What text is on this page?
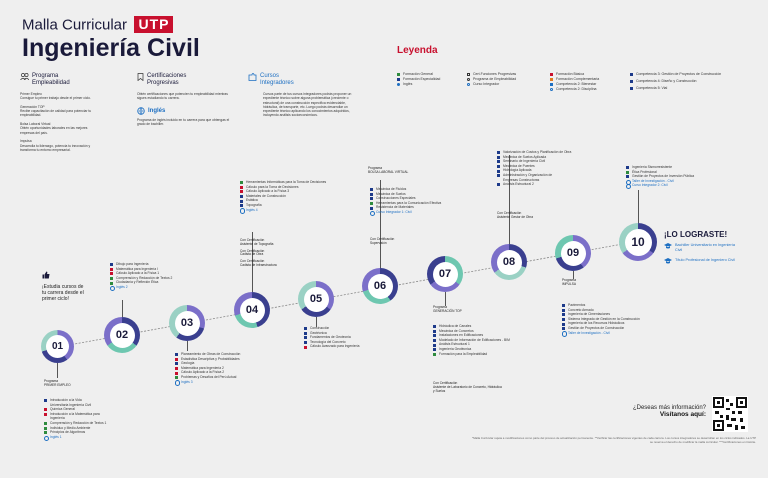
Malla Curricular UTP
Ingeniería Civil	Leyenda
Formación General
Formación Especialidad
Inglés
Cert.Funciones Progresivas
Programa de Empleabilidad
Curso Integrador
Formación Básica
Formación Complementaria
Competencia 2: Bienestar
Competencia 2: Disciplina
Competencia 3: Gestión de Proyectos de Construcción
Competencia 4: Diseño y Construcción
Competencia 5: Vial
Programa
Empleabilidad
Primer Empleo
Consigue tu primer trabajo desde el primer ciclo.

Generación TOP
Recibe capacitación de calidad para potenciar tu empleabilidad.

Bolsa Laboral Virtual
Obtén oportunidades laborales en las mejores empresas del país.

Impulsa
Desarrolla tu liderazgo, potencia tu innovación y transforma tu entorno empresarial.
Certificaciones
Progresivas
Obtén certificaciones que potencien tu empleabilidad mientras sigues estudiando tu carrera.
Inglés
Programa de inglés incluido en tu carrera para que obtengas el grado de bachiller.
Cursos
Integradores
Cursos parte de tus cursos integradores podrás proponer un expediente técnico sobre alguna problemática (creciente o estructural) de una construcción específica evidenciable, hidráulica, de transporte, etc. Luego podrás desarrollar un expediente técnico aplicando los conocimientos adquiridos, incluyendo análisis socioeconómicos.
¡Estudia cursos de tu carrera desde el primer ciclo!
01
02
03
04
05
06
07
08
09
10
Programa
PRIMER EMPLEO
Introducción a la Vida Universitaria Ingeniería Civil
Química General
Introducción a la Matemática para Ingeniería
Comprensión y Redacción de Textos 1
Individuo y Medio Ambiente
Principios de Algoritmos
Inglés 1
Dibujo para Ingeniería
Matemática para Ingeniería I
Cálculo Aplicado a la Física 1
Comprensión y Redacción de Textos 2
Ciudadanía y Reflexión Ética
Inglés 2
Planeamiento de Obras de Construcción
Estadística Descriptiva y Probabilidades
Geología
Matemática para Ingeniería 2
Cálculo Aplicado a la Física 2
Problemas y Desafíos del Perú Actual
Inglés 3
Herramientas Informáticas para la Toma de Decisiones
Cálculo para la Toma de Decisiones
Cálculo Aplicado a la Física 3
Materiales de Construcción
Estática
Topografía
Inglés 4
Con Certificación
Asistente de Topografía
Con Certificación
Cadista de Obra
Con Certificación
Cadista de Infraestructura
Construcción
Geotécnica
Fundamentos de Geotecnia
Tecnología del Concreto
Cálculo Avanzado para Ingeniería
Programa
BOLSA LABORAL VIRTUAL
Mecánica de Fluidos
Mecánica de Suelos
Construcciones Especiales
Herramientas para la Comunicación Efectiva
Resistencia de Materiales
Curso Integrador 1: Civil
Con Certificación
Supervisión
Programa
GENERACIÓN TOP
Hidráulica de Canales
Mecánica de Concretos
Instalaciones en Edificaciones
Modelado de Información de Edificaciones - BIM
Análisis Estructural 1
Ingeniería Geotécnica
Formación para la Empleabilidad
Con Certificación
Asistente de Laboratorio de Concreto, Hidráulica y Suelos
Valorización de Costos y Planificación de Obra
Mecánica de Suelos Aplicada
Seminario de Ingeniería Civil
Mecánica de Puentes
Hidrología Aplicada
Administración y Organización de Empresas Constructoras
Análisis Estructural 2
Con Certificación
Asistente Gestor de Obra
Programa
IMPULSA
Pavimentos
Concreto Armado
Ingeniería de Cimentaciones
Sistema Integrado de Gestión en la Construcción
Ingeniería de los Recursos Hidráulicos
Gestión de Proyectos de Construcción
Taller de Investigación - Civil
Ingeniería Sismorresistente
Ética Profesional
Gestión de Proyectos de Inversión Pública
Taller de Investigación - Civil
Curso Integrador 2: Civil
¡LO LOGRASTE!
Bachiller Universitario en Ingeniería Civil
Título Profesional de Ingeniero Civil
¿Deseas más información?
Visítanos aquí:
*Malla Curricular sujeta a modificaciones como parte del proceso de actualización permanente. **Verificar las certificaciones vigentes de cada carrera. Los cursos integradores se desarrollan en los ciclos indicados. La UTP se reserva el derecho de modificar la malla curricular. ***Certificaciones en trámite.
